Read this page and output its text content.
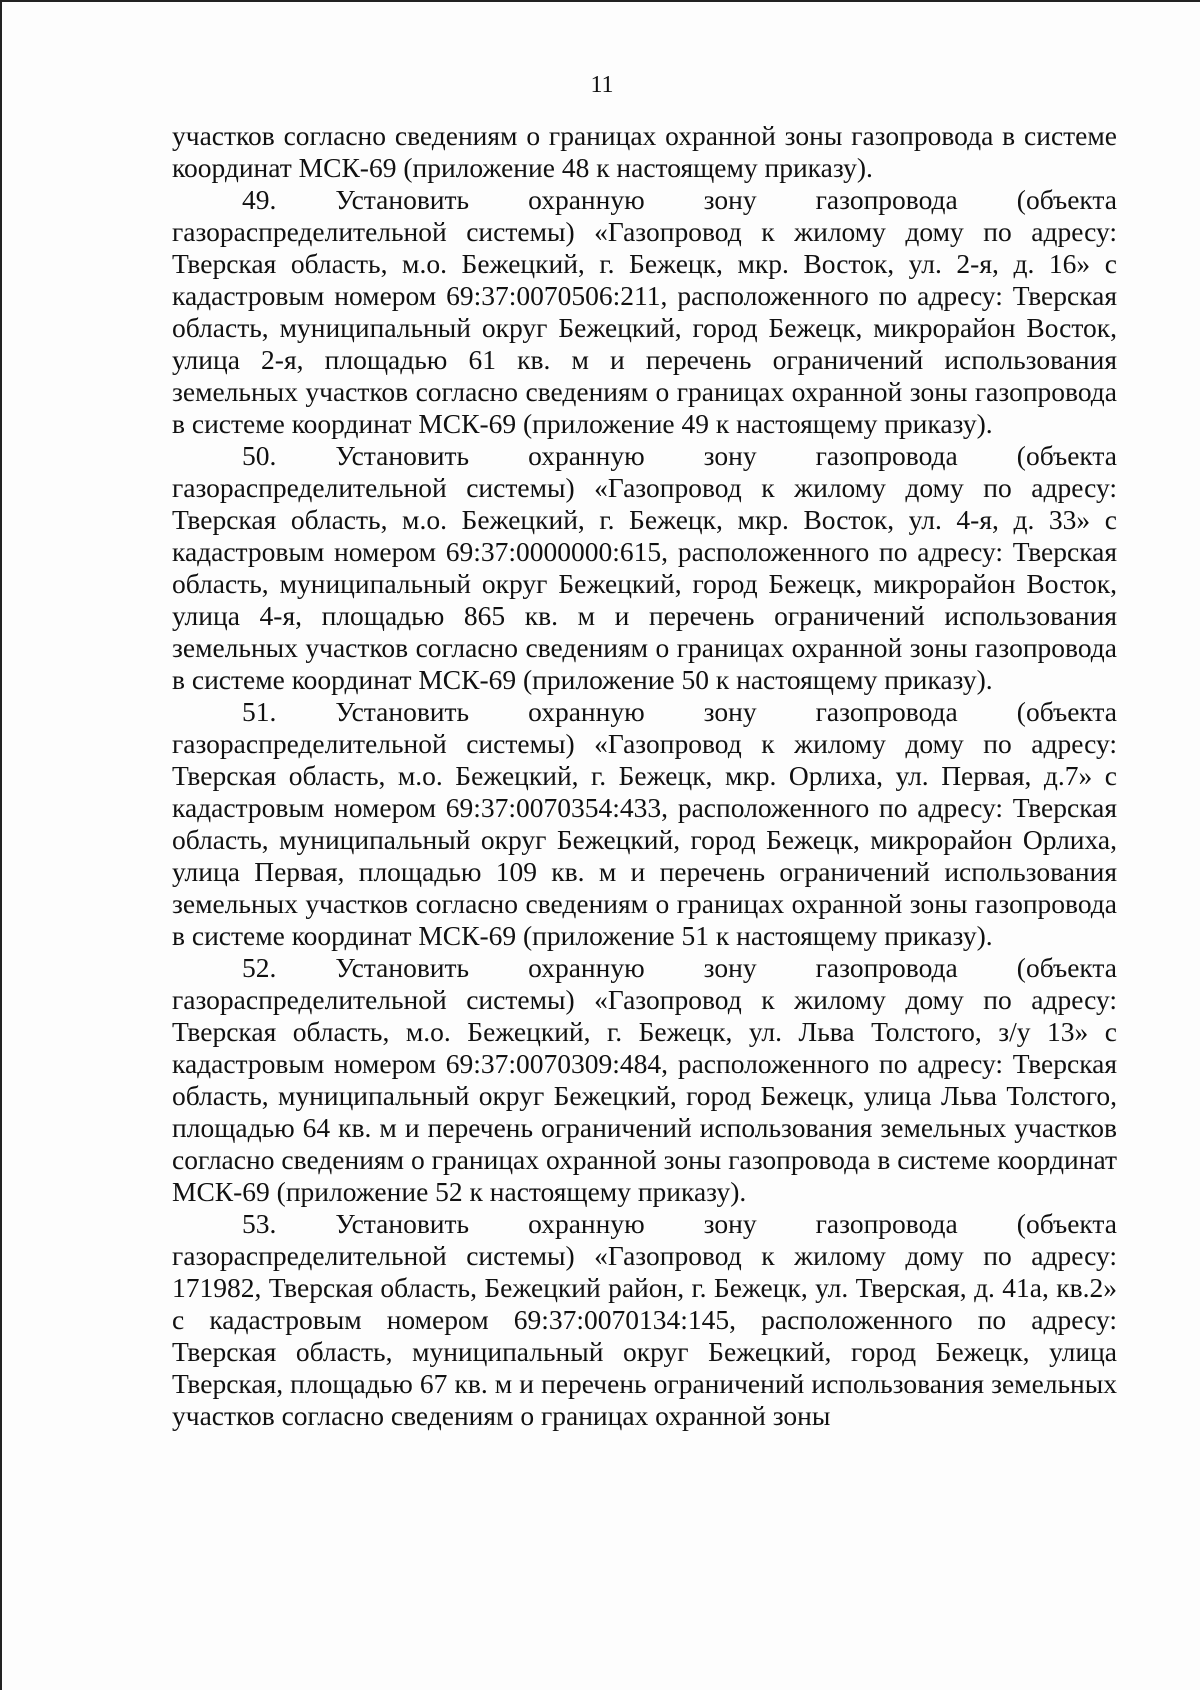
11

участков согласно сведениям о границах охранной зоны газопровода в системе координат МСК-69 (приложение 48 к настоящему приказу).

49. Установить охранную зону газопровода (объекта газораспределительной системы) «Газопровод к жилому дому по адресу: Тверская область, м.о. Бежецкий, г. Бежецк, мкр. Восток, ул. 2-я, д. 16» с кадастровым номером 69:37:0070506:211, расположенного по адресу: Тверская область, муниципальный округ Бежецкий, город Бежецк, микрорайон Восток, улица 2-я, площадью 61 кв. м и перечень ограничений использования земельных участков согласно сведениям о границах охранной зоны газопровода в системе координат МСК-69 (приложение 49 к настоящему приказу).

50. Установить охранную зону газопровода (объекта газораспределительной системы) «Газопровод к жилому дому по адресу: Тверская область, м.о. Бежецкий, г. Бежецк, мкр. Восток, ул. 4-я, д. 33» с кадастровым номером 69:37:0000000:615, расположенного по адресу: Тверская область, муниципальный округ Бежецкий, город Бежецк, микрорайон Восток, улица 4-я, площадью 865 кв. м и перечень ограничений использования земельных участков согласно сведениям о границах охранной зоны газопровода в системе координат МСК-69 (приложение 50 к настоящему приказу).

51. Установить охранную зону газопровода (объекта газораспределительной системы) «Газопровод к жилому дому по адресу: Тверская область, м.о. Бежецкий, г. Бежецк, мкр. Орлиха, ул. Первая, д.7» с кадастровым номером 69:37:0070354:433, расположенного по адресу: Тверская область, муниципальный округ Бежецкий, город Бежецк, микрорайон Орлиха, улица Первая, площадью 109 кв. м и перечень ограничений использования земельных участков согласно сведениям о границах охранной зоны газопровода в системе координат МСК-69 (приложение 51 к настоящему приказу).

52. Установить охранную зону газопровода (объекта газораспределительной системы) «Газопровод к жилому дому по адресу: Тверская область, м.о. Бежецкий, г. Бежецк, ул. Льва Толстого, з/у 13» с кадастровым номером 69:37:0070309:484, расположенного по адресу: Тверская область, муниципальный округ Бежецкий, город Бежецк, улица Льва Толстого, площадью 64 кв. м и перечень ограничений использования земельных участков согласно сведениям о границах охранной зоны газопровода в системе координат МСК-69 (приложение 52 к настоящему приказу).

53. Установить охранную зону газопровода (объекта газораспределительной системы) «Газопровод к жилому дому по адресу: 171982, Тверская область, Бежецкий район, г. Бежецк, ул. Тверская, д. 41а, кв.2» с кадастровым номером 69:37:0070134:145, расположенного по адресу: Тверская область, муниципальный округ Бежецкий, город Бежецк, улица Тверская, площадью 67 кв. м и перечень ограничений использования земельных участков согласно сведениям о границах охранной зоны
